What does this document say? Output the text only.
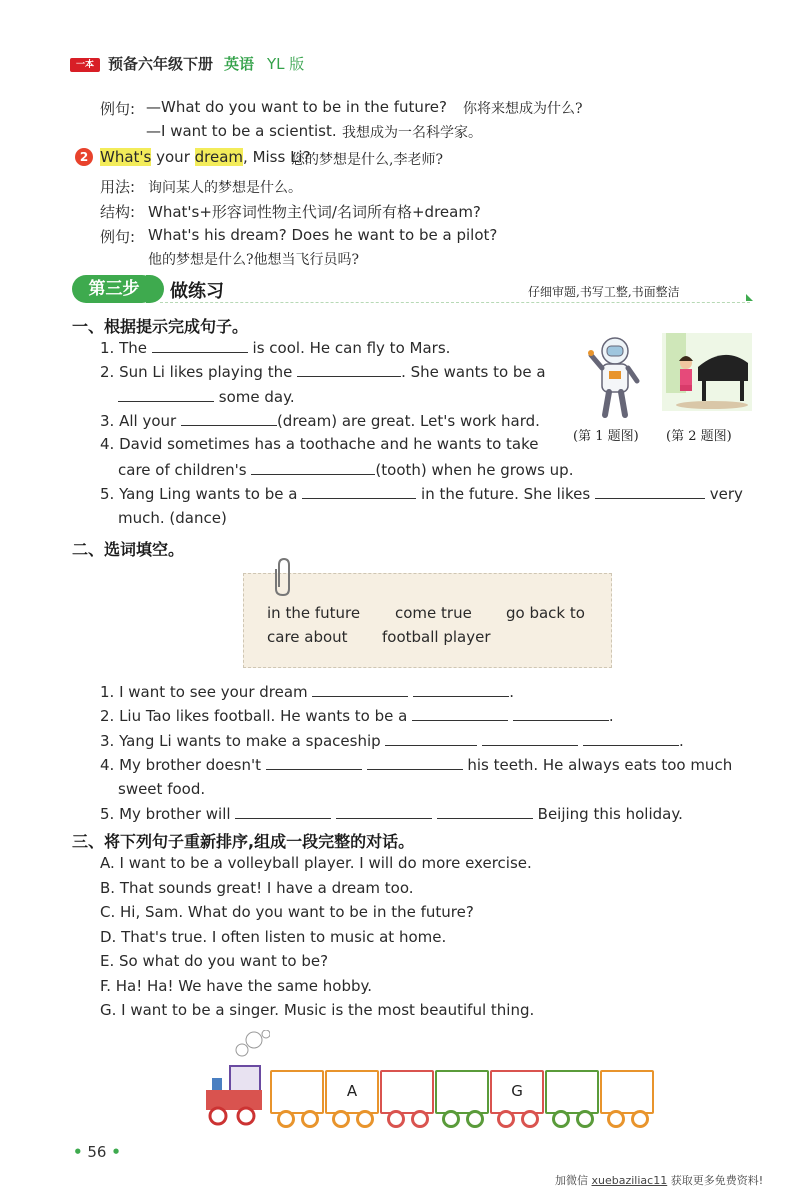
一本 预备六年级下册 英语 YL 版
例句: —What do you want to be in the future? 你将来想成为什么?
—I want to be a scientist. 我想成为一名科学家。
2 What's your dream, Miss Li?
您的梦想是什么,李老师?
用法: 询问某人的梦想是什么。
结构: What's+形容词性物主代词/名词所有格+dream?
例句: What's his dream? Does he want to be a pilot?
他的梦想是什么?他想当飞行员吗?
第三步	做练习	仔细审题,书写工整,书面整洁
一、根据提示完成句子。
1. The	is cool. He can fly to Mars.
2. Sun Li likes playing the	. She wants to be a
some day.
3. All your	(dream) are great. Let's work hard.
4. David sometimes has a toothache and he wants to take
care of children's	(tooth) when he grows up.
5. Yang Ling wants to be a	in the future. She likes	very
much. (dance)
(第 1 题图) (第 2 题图)
二、选词填空。
in the future come true go back to
care about football player
1. I want to see your dream	.
2. Liu Tao likes football. He wants to be a	.
3. Yang Li wants to make a spaceship	.
4. My brother doesn't	his teeth. He always eats too much
sweet food.
5. My brother will	Beijing this holiday.
三、将下列句子重新排序,组成一段完整的对话。
A. I want to be a volleyball player. I will do more exercise.
B. That sounds great! I have a dream too.
C. Hi, Sam. What do you want to be in the future?
D. That's true. I often listen to music at home.
E. So what do you want to be?
F. Ha! Ha! We have the same hobby.
G. I want to be a singer. Music is the most beautiful thing.
A	G
• 56 •
加微信 xuebaziliac11 获取更多免费资料!
